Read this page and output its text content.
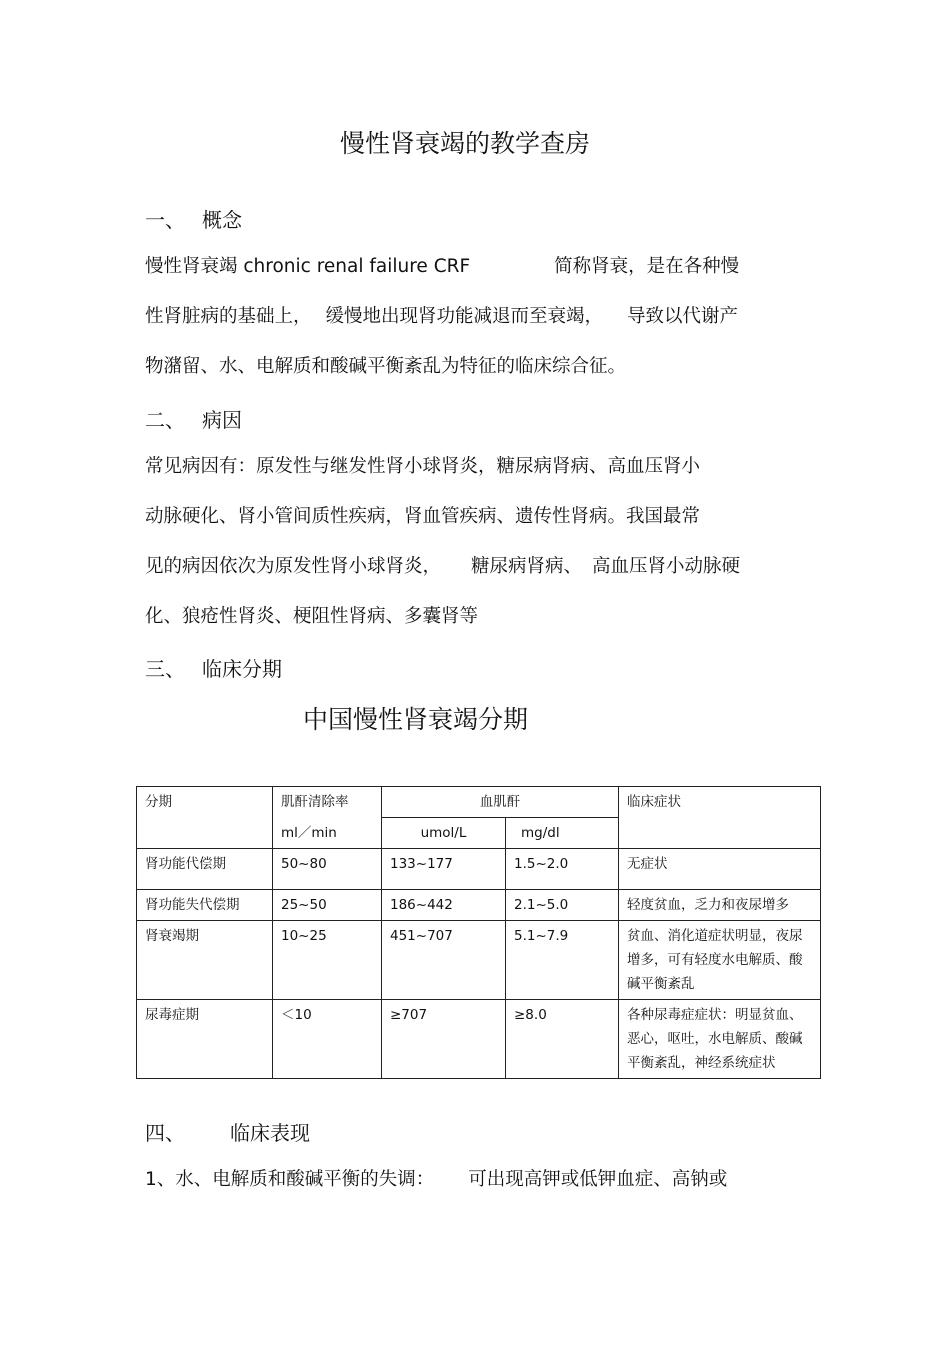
慢性肾衰竭的教学查房
一、 概念
慢性肾衰竭 chronic renal failure CRF	简称肾衰，是在各种慢
性肾脏病的基础上， 缓慢地出现肾功能减退而至衰竭， 导致以代谢产
物潴留、水、电解质和酸碱平衡紊乱为特征的临床综合征。
二、 病因
常见病因有：原发性与继发性肾小球肾炎，糖尿病肾病、高血压肾小
动脉硬化、肾小管间质性疾病，肾血管疾病、遗传性肾病。我国最常
见的病因依次为原发性肾小球肾炎， 糖尿病肾病、 高血压肾小动脉硬
化、狼疮性肾炎、梗阻性肾病、多囊肾等
三、 临床分期
中国慢性肾衰竭分期
分期	肌酐清除率	血肌酐		临床症状
	ml／min	umol/L	mg/dl	
肾功能代偿期	50~80	133~177	1.5~2.0	无症状
肾功能失代偿期	25~50	186~442	2.1~5.0	轻度贫血，乏力和夜尿增多
肾衰竭期	10~25	451~707	5.1~7.9	贫血、消化道症状明显，夜尿增多，可有轻度水电解质、酸碱平衡紊乱
尿毒症期	＜10	≥707	≥8.0	各种尿毒症症状：明显贫血、恶心，呕吐，水电解质、酸碱平衡紊乱，神经系统症状
四、 临床表现
1、水、电解质和酸碱平衡的失调： 可出现高钾或低钾血症、高钠或
